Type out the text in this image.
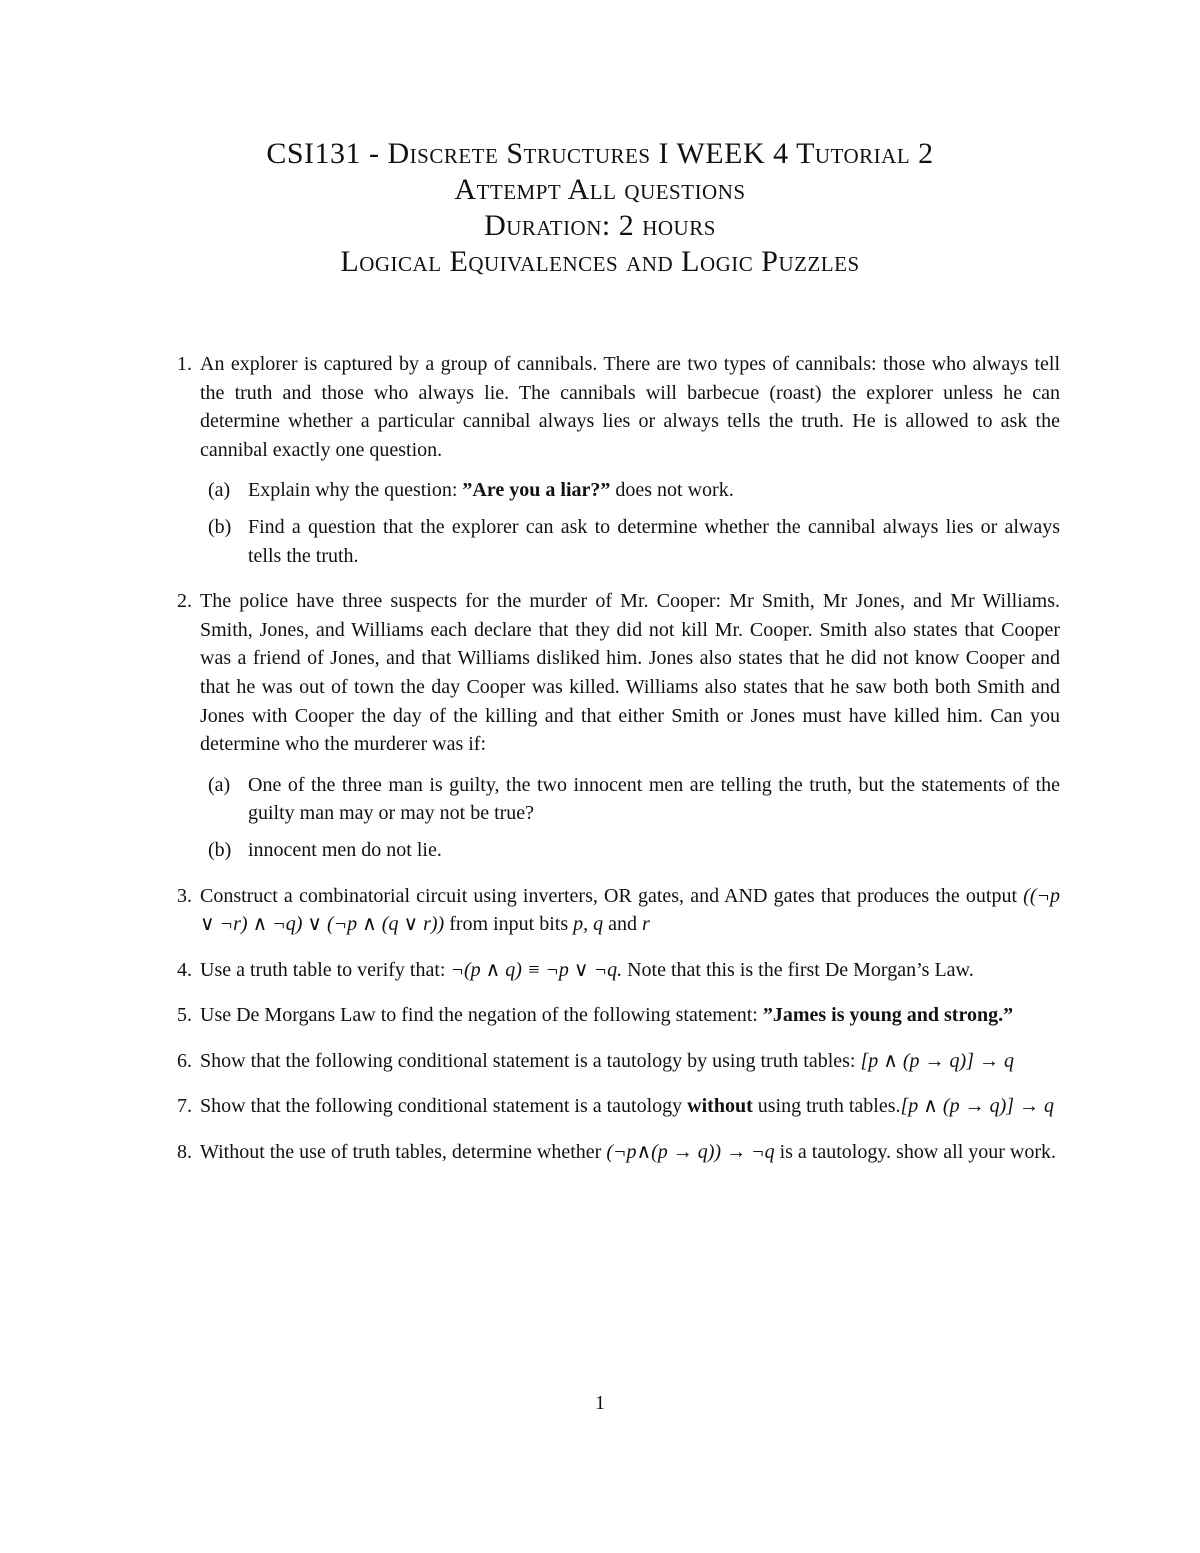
CSI131 - Discrete Structures I WEEK 4 Tutorial 2
Attempt All questions
Duration: 2 hours
Logical Equivalences and Logic Puzzles
1. An explorer is captured by a group of cannibals. There are two types of cannibals: those who always tell the truth and those who always lie. The cannibals will barbecue (roast) the explorer unless he can determine whether a particular cannibal always lies or always tells the truth. He is allowed to ask the cannibal exactly one question.
(a) Explain why the question: ”Are you a liar?” does not work.
(b) Find a question that the explorer can ask to determine whether the cannibal always lies or always tells the truth.
2. The police have three suspects for the murder of Mr. Cooper: Mr Smith, Mr Jones, and Mr Williams. Smith, Jones, and Williams each declare that they did not kill Mr. Cooper. Smith also states that Cooper was a friend of Jones, and that Williams disliked him. Jones also states that he did not know Cooper and that he was out of town the day Cooper was killed. Williams also states that he saw both both Smith and Jones with Cooper the day of the killing and that either Smith or Jones must have killed him. Can you determine who the murderer was if:
(a) One of the three man is guilty, the two innocent men are telling the truth, but the statements of the guilty man may or may not be true?
(b) innocent men do not lie.
3. Construct a combinatorial circuit using inverters, OR gates, and AND gates that produces the output ((¬p ∨ ¬r) ∧ ¬q) ∨ (¬p ∧ (q ∨ r)) from input bits p, q and r
4. Use a truth table to verify that: ¬(p ∧ q) ≡ ¬p ∨ ¬q. Note that this is the first De Morgan’s Law.
5. Use De Morgans Law to find the negation of the following statement: ”James is young and strong.”
6. Show that the following conditional statement is a tautology by using truth tables: [p ∧ (p → q)] → q
7. Show that the following conditional statement is a tautology without using truth tables.[p ∧ (p → q)] → q
8. Without the use of truth tables, determine whether (¬p∧(p → q)) → ¬q is a tautology. show all your work.
1
